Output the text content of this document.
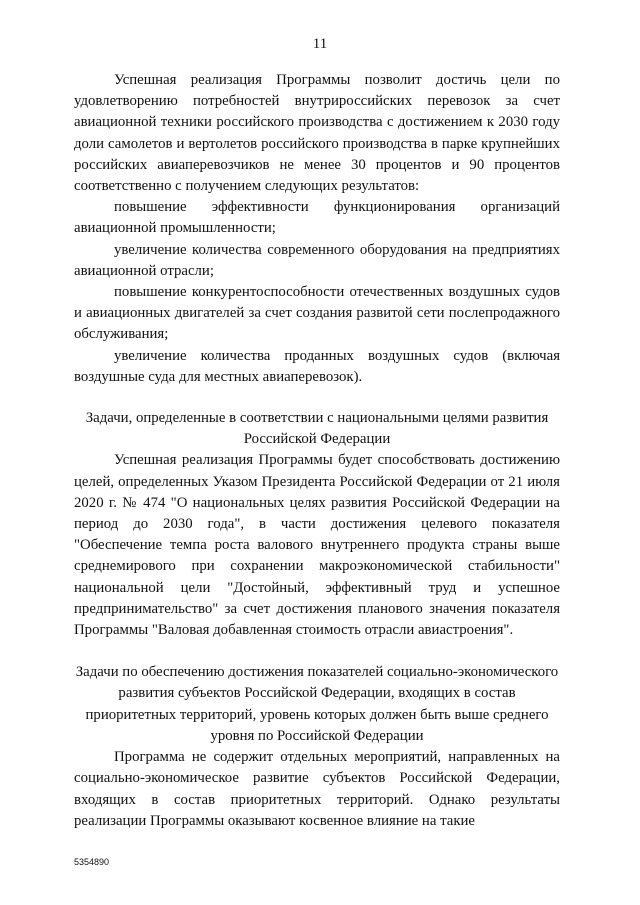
11

Успешная реализация Программы позволит достичь цели по удовлетворению потребностей внутрироссийских перевозок за счет авиационной техники российского производства с достижением к 2030 году доли самолетов и вертолетов российского производства в парке крупнейших российских авиаперевозчиков не менее 30 процентов и 90 процентов соответственно с получением следующих результатов:

повышение эффективности функционирования организаций авиационной промышленности;

увеличение количества современного оборудования на предприятиях авиационной отрасли;

повышение конкурентоспособности отечественных воздушных судов и авиационных двигателей за счет создания развитой сети послепродажного обслуживания;

увеличение количества проданных воздушных судов (включая воздушные суда для местных авиаперевозок).

Задачи, определенные в соответствии с национальными целями развития Российской Федерации

Успешная реализация Программы будет способствовать достижению целей, определенных Указом Президента Российской Федерации от 21 июля 2020 г. № 474 "О национальных целях развития Российской Федерации на период до 2030 года", в части достижения целевого показателя "Обеспечение темпа роста валового внутреннего продукта страны выше среднемирового при сохранении макроэкономической стабильности" национальной цели "Достойный, эффективный труд и успешное предпринимательство" за счет достижения планового значения показателя Программы "Валовая добавленная стоимость отрасли авиастроения".

Задачи по обеспечению достижения показателей социально-экономического развития субъектов Российской Федерации, входящих в состав приоритетных территорий, уровень которых должен быть выше среднего уровня по Российской Федерации

Программа не содержит отдельных мероприятий, направленных на социально-экономическое развитие субъектов Российской Федерации, входящих в состав приоритетных территорий. Однако результаты реализации Программы оказывают косвенное влияние на такие

5354890
